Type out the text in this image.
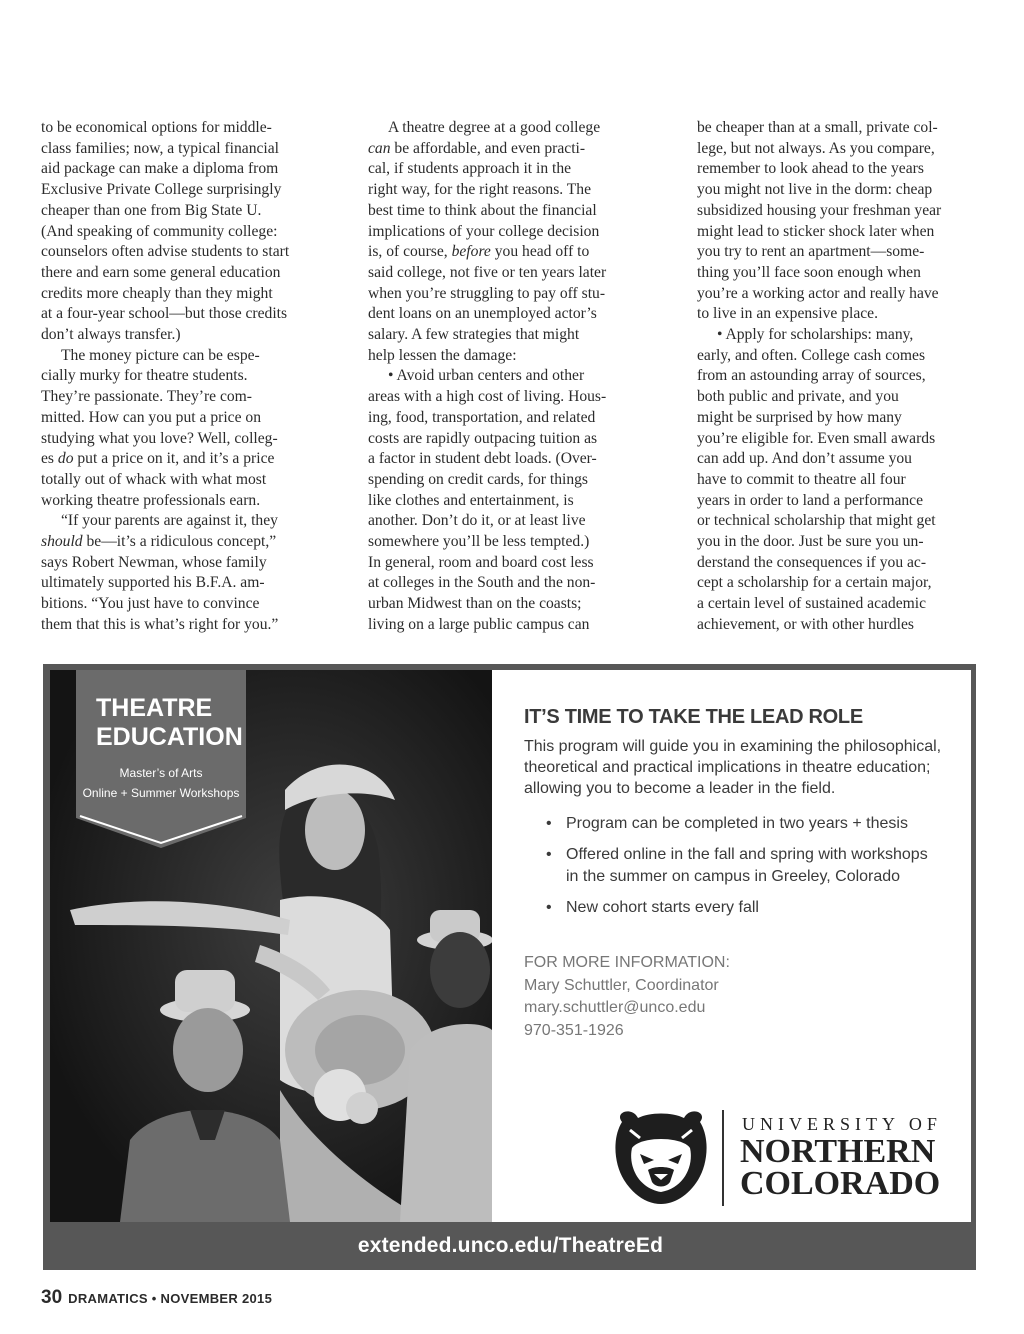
to be economical options for middle-
class families; now, a typical financial
aid package can make a diploma from
Exclusive Private College surprisingly
cheaper than one from Big State U.
(And speaking of community college:
counselors often advise students to start
there and earn some general education
credits more cheaply than they might
at a four-year school—but those credits
don’t always transfer.)

The money picture can be espe-
cially murky for theatre students.
They’re passionate. They’re com-
mitted. How can you put a price on
studying what you love? Well, colleg-
es do put a price on it, and it’s a price
totally out of whack with what most
working theatre professionals earn.

“If your parents are against it, they
should be—it’s a ridiculous concept,”
says Robert Newman, whose family
ultimately supported his B.F.A. am-
bitions. “You just have to convince
them that this is what’s right for you.”

A theatre degree at a good college
can be affordable, and even practi-
cal, if students approach it in the
right way, for the right reasons. The
best time to think about the financial
implications of your college decision
is, of course, before you head off to
said college, not five or ten years later
when you’re struggling to pay off stu-
dent loans on an unemployed actor’s
salary. A few strategies that might
help lessen the damage:

• Avoid urban centers and other
areas with a high cost of living. Hous-
ing, food, transportation, and related
costs are rapidly outpacing tuition as
a factor in student debt loads. (Over-
spending on credit cards, for things
like clothes and entertainment, is
another. Don’t do it, or at least live
somewhere you’ll be less tempted.)
In general, room and board cost less
at colleges in the South and the non-
urban Midwest than on the coasts;
living on a large public campus can

be cheaper than at a small, private col-
lege, but not always. As you compare,
remember to look ahead to the years
you might not live in the dorm: cheap
subsidized housing your freshman year
might lead to sticker shock later when
you try to rent an apartment—some-
thing you’ll face soon enough when
you’re a working actor and really have
to live in an expensive place.

• Apply for scholarships: many,
early, and often. College cash comes
from an astounding array of sources,
both public and private, and you
might be surprised by how many
you’re eligible for. Even small awards
can add up. And don’t assume you
have to commit to theatre all four
years in order to land a performance
or technical scholarship that might get
you in the door. Just be sure you un-
derstand the consequences if you ac-
cept a scholarship for a certain major,
a certain level of sustained academic
achievement, or with other hurdles

THEATRE
EDUCATION
Master’s of Arts
Online + Summer Workshops
IT’S TIME TO TAKE THE LEAD ROLE
This program will guide you in examining the philosophical,
theoretical and practical implications in theatre education;
allowing you to become a leader in the field.
• Program can be completed in two years + thesis
• Offered online in the fall and spring with workshops
in the summer on campus in Greeley, Colorado
• New cohort starts every fall
FOR MORE INFORMATION:
Mary Schuttler, Coordinator
mary.schuttler@unco.edu
970-351-1926
UNIVERSITY OF
NORTHERN
COLORADO
extended.unco.edu/TheatreEd
30 DRAMATICS • NOVEMBER 2015
